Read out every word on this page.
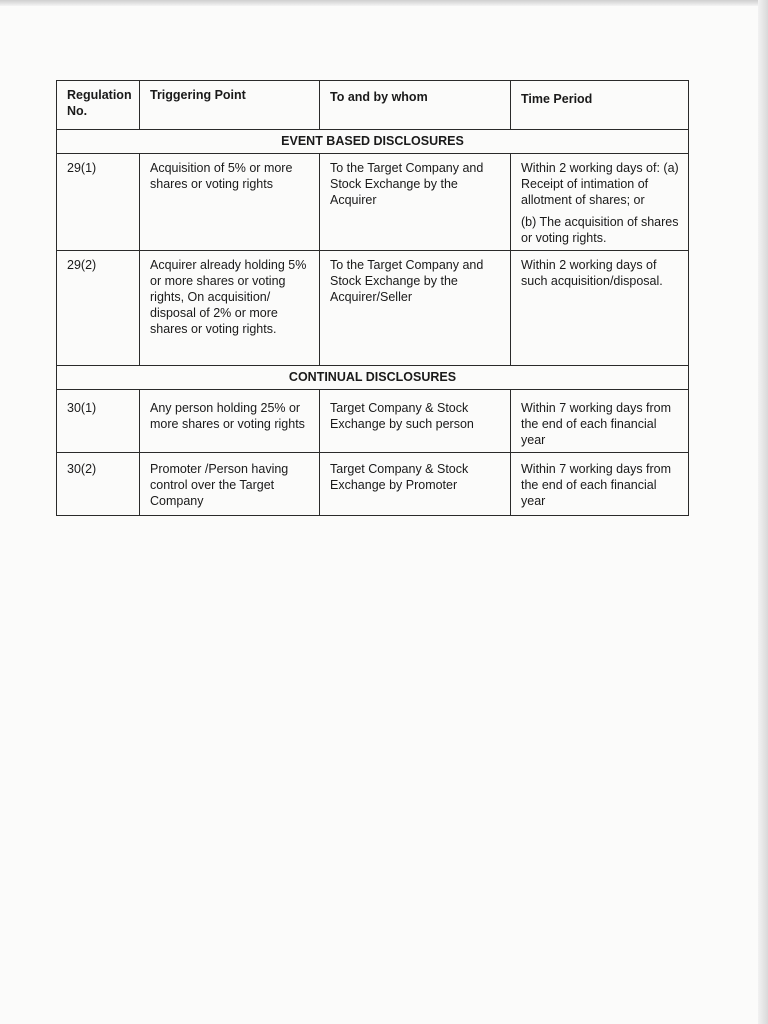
Regulation No.	Triggering Point	To and by whom	Time Period
EVENT BASED DISCLOSURES			
29(1)	Acquisition of 5% or more shares or voting rights	To the Target Company and Stock Exchange by the Acquirer	Within 2 working days of: (a) Receipt of intimation of allotment of shares; or
(b) The acquisition of shares or voting rights.

29(2)	Acquirer already holding 5% or more shares or voting rights, On acquisition/ disposal of 2% or more shares or voting rights.	To the Target Company and Stock Exchange by the Acquirer/Seller	Within 2 working days of such acquisition/disposal.
CONTINUAL DISCLOSURES			
30(1)	Any person holding 25% or more shares or voting rights	Target Company & Stock Exchange by such person	Within 7 working days from the end of each financial year
30(2)	Promoter /Person having control over the Target Company	Target Company & Stock Exchange by Promoter	Within 7 working days from the end of each financial year
